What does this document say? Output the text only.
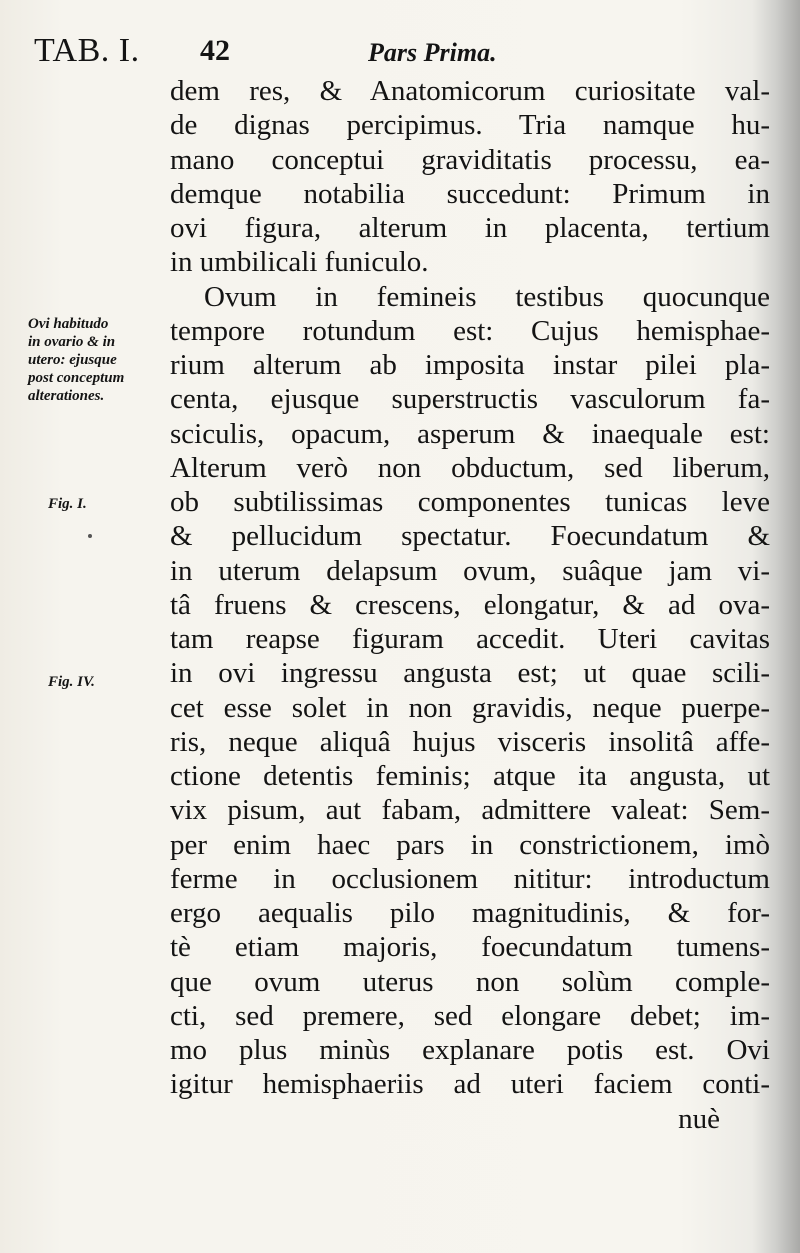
TAB. I. 42	Pars Prima.
Ovi habitudo
in ovario & in
utero: ejusque
post conceptum
alterationes.
Fig. I.
Fig. IV.
dem res, & Anatomicorum curiositate val-
de dignas percipimus. Tria namque hu-
mano conceptui graviditatis processu, ea-
demque notabilia succedunt: Primum in
ovi figura, alterum in placenta, tertium
in umbilicali funiculo.
Ovum in femineis testibus quocunque
tempore rotundum est: Cujus hemisphae-
rium alterum ab imposita instar pilei pla-
centa, ejusque superstructis vasculorum fa-
sciculis, opacum, asperum & inaequale est:
Alterum verò non obductum, sed liberum,
ob subtilissimas componentes tunicas leve
& pellucidum spectatur. Foecundatum &
in uterum delapsum ovum, suâque jam vi-
tâ fruens & crescens, elongatur, & ad ova-
tam reapse figuram accedit. Uteri cavitas
in ovi ingressu angusta est; ut quae scili-
cet esse solet in non gravidis, neque puerpe-
ris, neque aliquâ hujus visceris insolitâ affe-
ctione detentis feminis; atque ita angusta, ut
vix pisum, aut fabam, admittere valeat: Sem-
per enim haec pars in constrictionem, imò
ferme in occlusionem nititur: introductum
ergo aequalis pilo magnitudinis, & for-
tè etiam majoris, foecundatum tumens-
que ovum uterus non solùm comple-
cti, sed premere, sed elongare debet; im-
mo plus minùs explanare potis est. Ovi
igitur hemisphaeriis ad uteri faciem conti-
nuè
